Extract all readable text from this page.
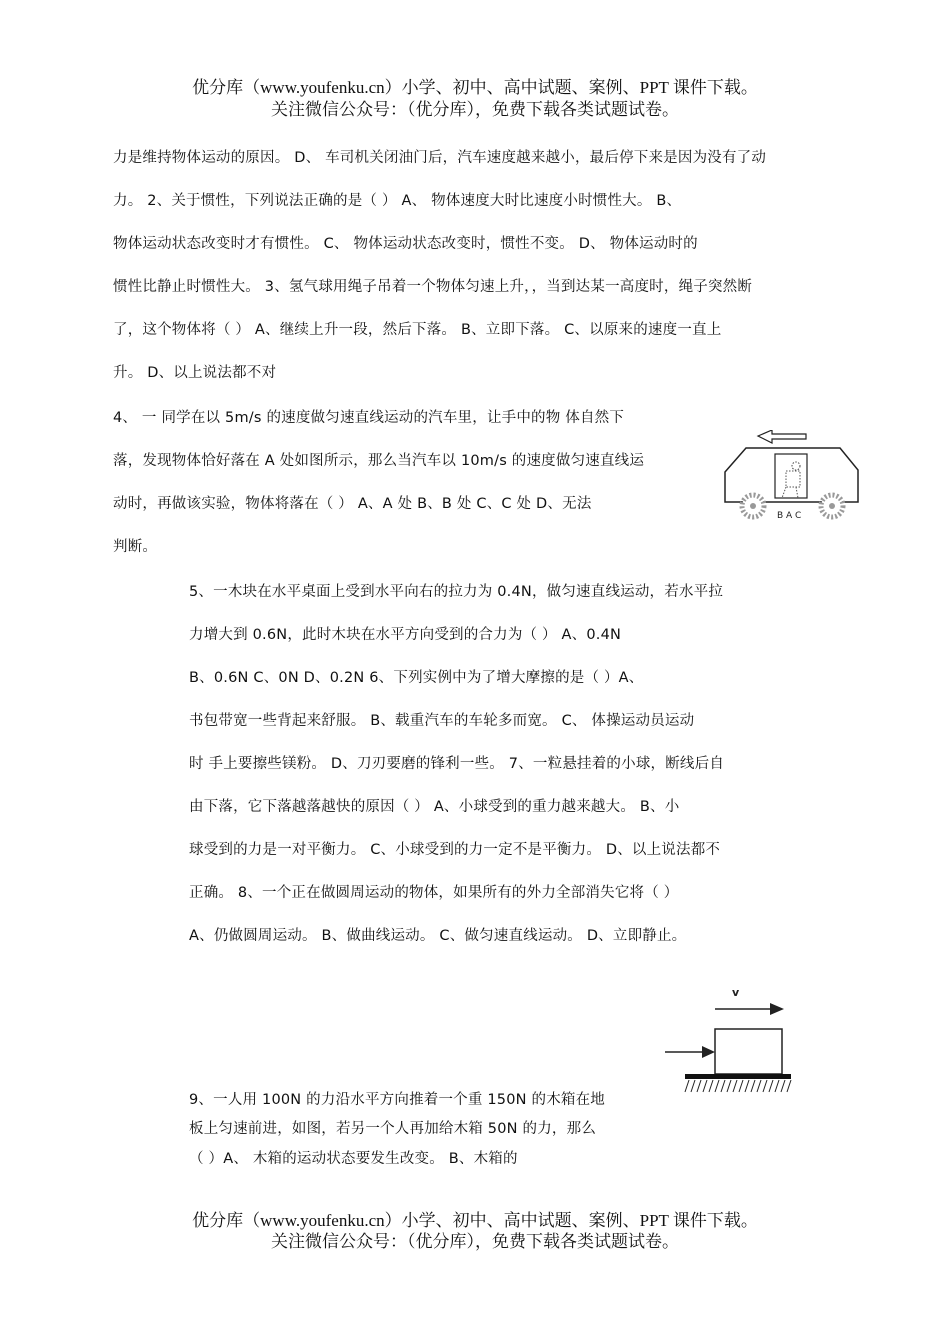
优分库（www.youfenku.cn）小学、初中、高中试题、案例、PPT 课件下载。
关注微信公众号：（优分库），免费下载各类试题试卷。
力是维持物体运动的原因。 D、 车司机关闭油门后，汽车速度越来越小，最后停下来是因为没有了动
力。 2、关于惯性，下列说法正确的是（ ） A、 物体速度大时比速度小时惯性大。 B、
物体运动状态改变时才有惯性。 C、 物体运动状态改变时，惯性不变。 D、 物体运动时的
惯性比静止时惯性大。 3、氢气球用绳子吊着一个物体匀速上升，，当到达某一高度时，绳子突然断
了，这个物体将（ ） A、继续上升一段，然后下落。 B、立即下落。 C、以原来的速度一直上
升。 D、以上说法都不对
4、 一 同学在以 5m/s 的速度做匀速直线运动的汽车里，让手中的物 体自然下
落，发现物体恰好落在 A 处如图所示，那么当汽车以 10m/s 的速度做匀速直线运
动时，再做该实验，物体将落在（ ） A、A 处 B、B 处 C、C 处 D、无法
判断。
5、一木块在水平桌面上受到水平向右的拉力为 0.4N，做匀速直线运动，若水平拉
力增大到 0.6N，此时木块在水平方向受到的合力为（ ） A、0.4N
B、0.6N C、0N D、0.2N 6、下列实例中为了增大摩擦的是（ ）A、
书包带宽一些背起来舒服。 B、载重汽车的车轮多而宽。 C、 体操运动员运动
时 手上要擦些镁粉。 D、刀刃要磨的锋利一些。 7、一粒悬挂着的小球，断线后自
由下落，它下落越落越快的原因（ ） A、小球受到的重力越来越大。 B、小
球受到的力是一对平衡力。 C、小球受到的力一定不是平衡力。 D、以上说法都不
正确。 8、一个正在做圆周运动的物体，如果所有的外力全部消失它将（ ）
A、仍做圆周运动。 B、做曲线运动。 C、做匀速直线运动。 D、立即静止。
9、一人用 100N 的力沿水平方向推着一个重 150N 的木箱在地
板上匀速前进，如图，若另一个人再加给木箱 50N 的力，那么
（ ）A、 木箱的运动状态要发生改变。 B、木箱的
B A C
v
优分库（www.youfenku.cn）小学、初中、高中试题、案例、PPT 课件下载。
关注微信公众号：（优分库），免费下载各类试题试卷。
